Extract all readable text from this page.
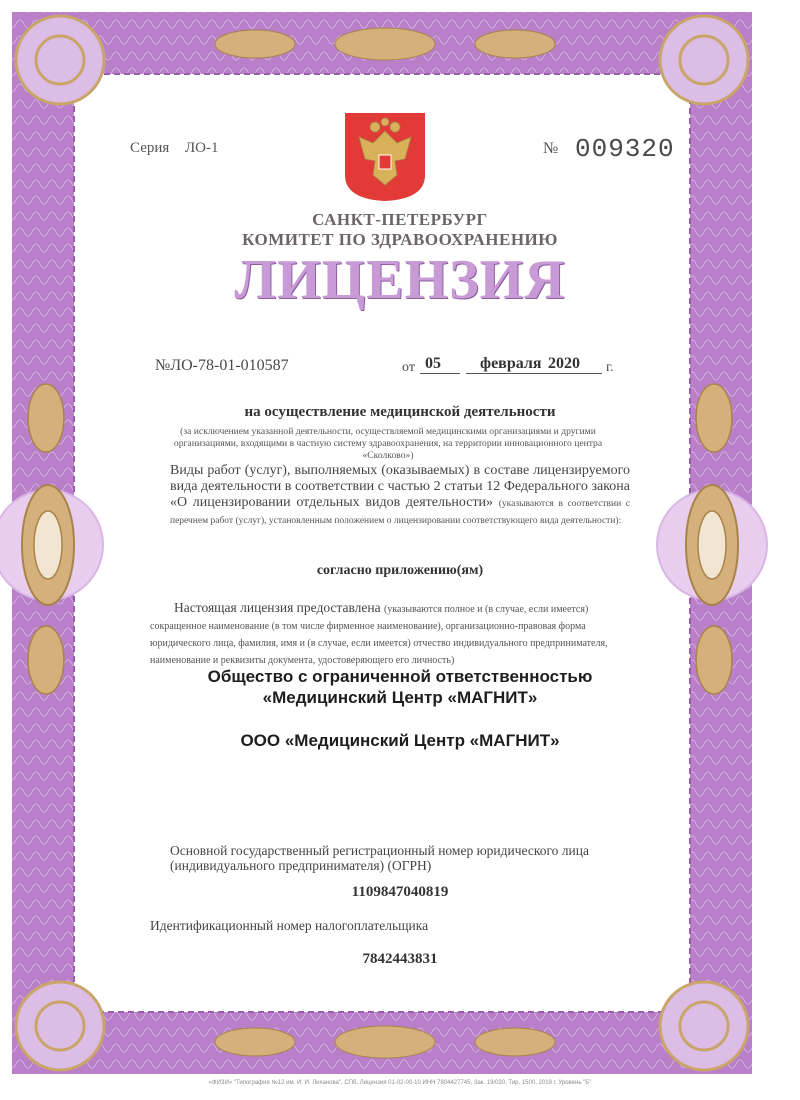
Серия ЛО-1	№ 009320
САНКТ-ПЕТЕРБУРГ
КОМИТЕТ ПО ЗДРАВООХРАНЕНИЮ
ЛИЦЕНЗИЯ
№ЛО-78-01-010587	от 05 февраля 2020 г.
на осуществление медицинской деятельности
(за исключением указанной деятельности, осуществляемой медицинскими организациями и другими организациями, входящими в частную систему здравоохранения, на территории инновационного центра «Сколково»)
Виды работ (услуг), выполняемых (оказываемых) в составе лицензируемого вида деятельности в соответствии с частью 2 статьи 12 Федерального закона «О лицензировании отдельных видов деятельности» (указываются в соответствии с перечнем работ (услуг), установленным положением о лицензировании соответствующего вида деятельности):
согласно приложению(ям)
Настоящая лицензия предоставлена (указываются полное и (в случае, если имеется) сокращенное наименование (в том числе фирменное наименование), организационно-правовая форма юридического лица, фамилия, имя и (в случае, если имеется) отчество индивидуального предпринимателя, наименование и реквизиты документа, удостоверяющего его личность)
Общество с ограниченной ответственностью
«Медицинский Центр «МАГНИТ»
ООО «Медицинский Центр «МАГНИТ»
Основной государственный регистрационный номер юридического лица (индивидуального предпринимателя) (ОГРН)
1109847040819
Идентификационный номер налогоплательщика
7842443831
«ФИЗИ» "Типография №12 им. И. И. Лиханова", СПб, Лицензия 01-02-00-10 ИНН 7804427745, Зак. 19/030, Тир. 1500, 2019 г. Уровень "Б"
